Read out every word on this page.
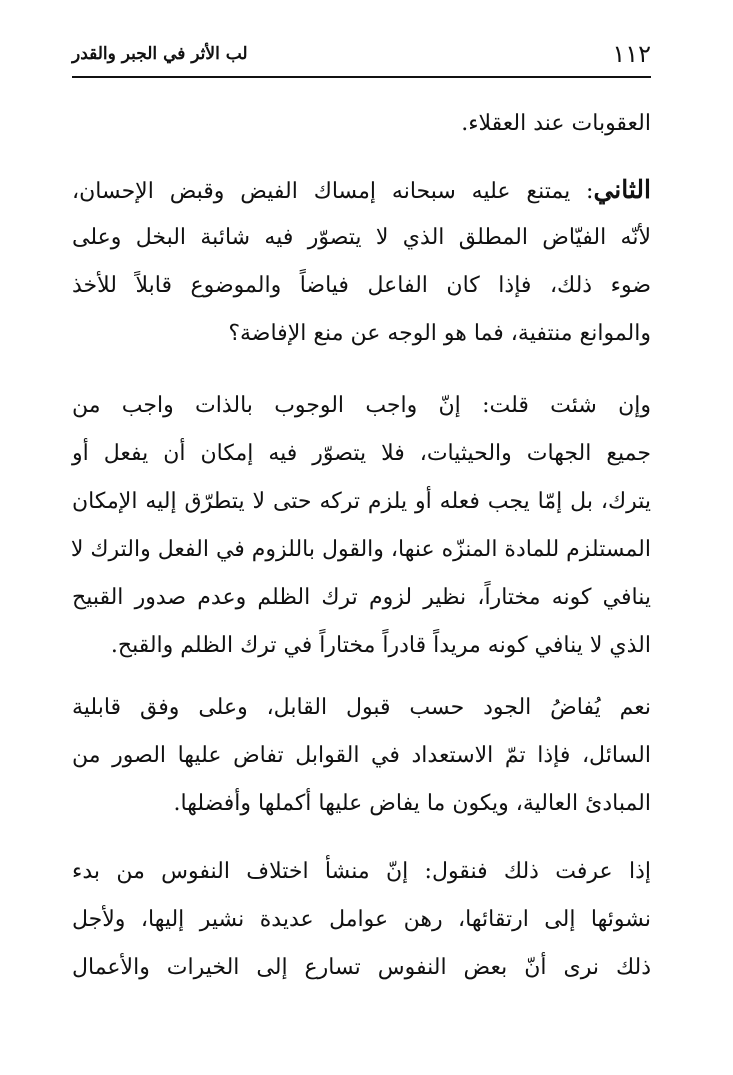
١١٢
لب الأثر في الجبر والقدر
العقوبات عند العقلاء.
الثاني: يمتنع عليه سبحانه إمساك الفيض وقبض الإحسان،
لأنّه الفيّاض المطلق الذي لا يتصوّر فيه شائبة البخل وعلى
ضوء ذلك، فإذا كان الفاعل فياضاً والموضوع قابلاً للأخذ
والموانع منتفية، فما هو الوجه عن منع الإفاضة؟
وإن شئت قلت: إنّ واجب الوجوب بالذات واجب من
جميع الجهات والحيثيات، فلا يتصوّر فيه إمكان أن يفعل أو
يترك، بل إمّا يجب فعله أو يلزم تركه حتى لا يتطرّق إليه الإمكان
المستلزم للمادة المنزّه عنها، والقول باللزوم في الفعل والترك لا
ينافي كونه مختاراً، نظير لزوم ترك الظلم وعدم صدور القبيح
الذي لا ينافي كونه مريداً قادراً مختاراً في ترك الظلم والقبح.
نعم يُفاضُ الجود حسب قبول القابل، وعلى وفق قابلية
السائل، فإذا تمّ الاستعداد في القوابل تفاض عليها الصور من
المبادئ العالية، ويكون ما يفاض عليها أكملها وأفضلها.
إذا عرفت ذلك فنقول: إنّ منشأ اختلاف النفوس من بدء
نشوئها إلى ارتقائها، رهن عوامل عديدة نشير إليها، ولأجل
ذلك نرى أنّ بعض النفوس تسارع إلى الخيرات والأعمال
